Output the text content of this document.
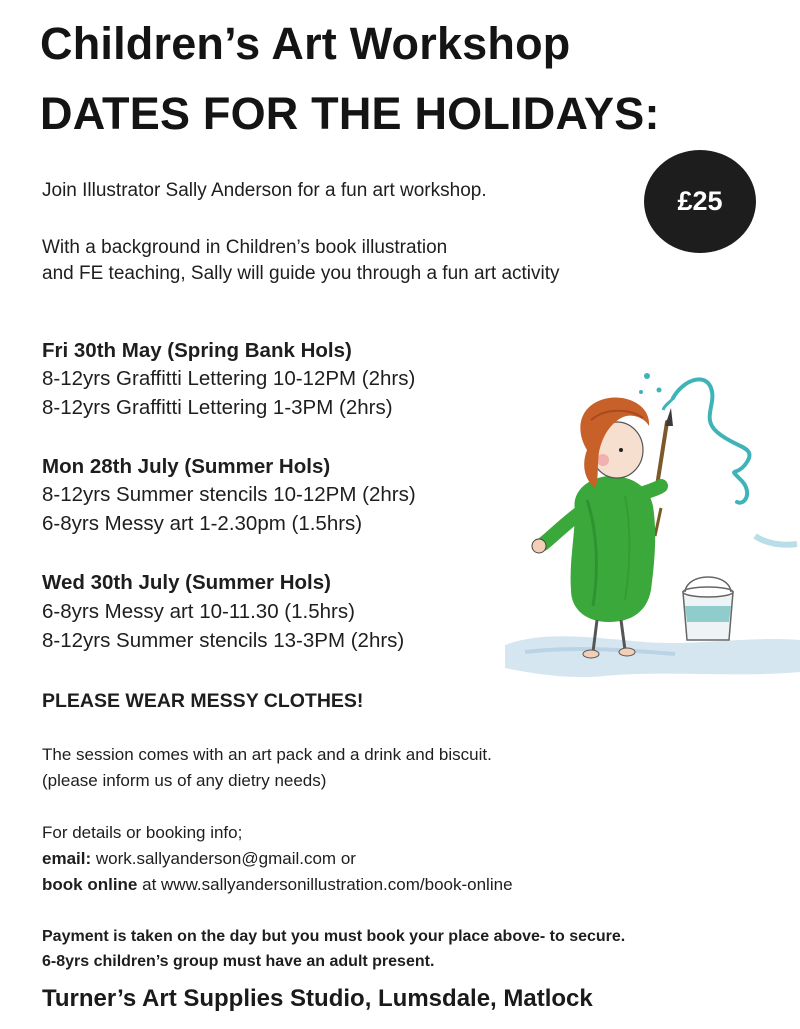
Children’s Art Workshop
DATES FOR THE HOLIDAYS:
£25
Join Illustrator Sally Anderson for a fun art workshop.
With a background in Children’s book illustration
and FE teaching, Sally will guide you through a fun art activity
Fri 30th May (Spring Bank Hols)
8-12yrs Graffitti Lettering 10-12PM (2hrs)
8-12yrs Graffitti Lettering 1-3PM (2hrs)
Mon 28th July (Summer Hols)
8-12yrs Summer stencils 10-12PM (2hrs)
6-8yrs Messy art 1-2.30pm (1.5hrs)
Wed 30th July (Summer Hols)
6-8yrs Messy art 10-11.30 (1.5hrs)
8-12yrs Summer stencils 13-3PM (2hrs)
PLEASE WEAR MESSY CLOTHES!
The session comes with an art pack and a drink and biscuit.
(please inform us of any dietry needs)
For details or booking info;
email: work.sallyanderson@gmail.com or
book online at www.sallyandersonillustration.com/book-online
Payment is taken on the day but you must book your place above- to secure.
6-8yrs children’s group must have an adult present.
Turner’s Art Supplies Studio, Lumsdale, Matlock
